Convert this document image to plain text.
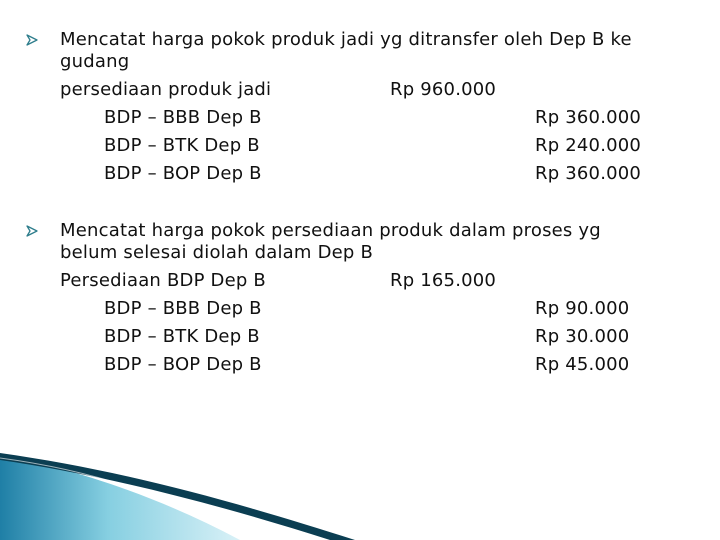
Mencatat harga pokok produk jadi yg ditransfer oleh Dep B ke
gudang
persediaan produk jadi	Rp 960.000
BDP – BBB Dep B	Rp 360.000
BDP – BTK Dep B	Rp 240.000
BDP – BOP Dep B	Rp 360.000
Mencatat harga pokok persediaan produk dalam proses yg
belum selesai diolah dalam Dep B
Persediaan BDP Dep B	Rp 165.000
BDP – BBB Dep B	Rp 90.000
BDP – BTK Dep B	Rp 30.000
BDP – BOP Dep B	Rp 45.000
